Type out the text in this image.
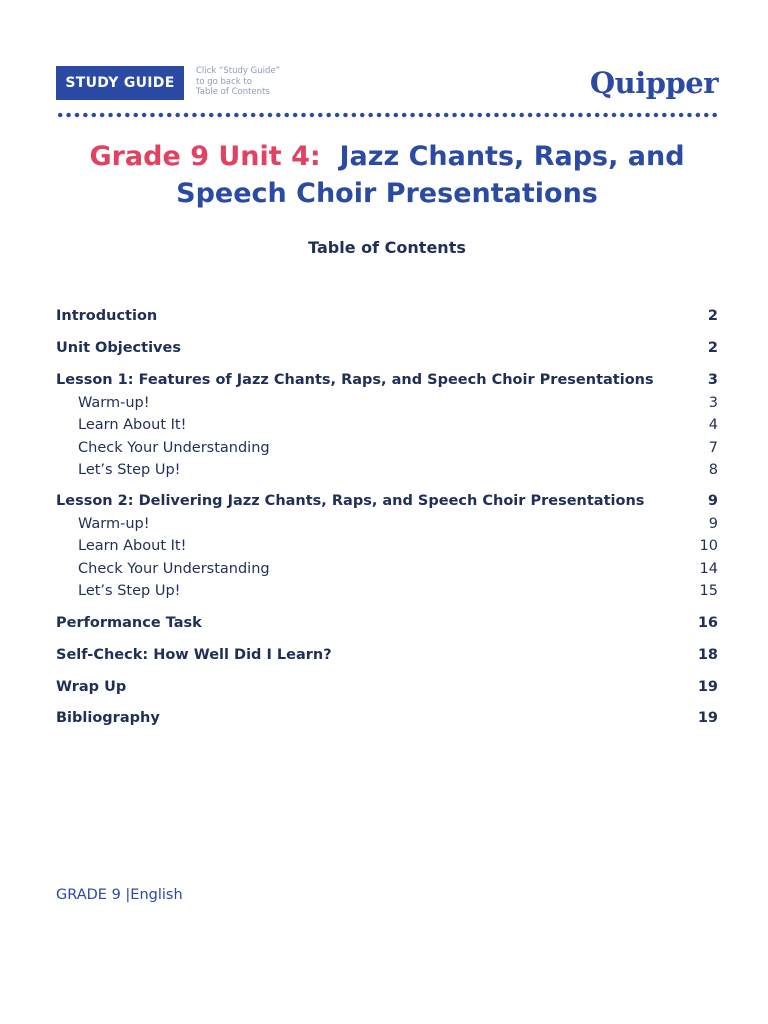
STUDY GUIDE
Click “Study Guide”
to go back to
Table of Contents	Quipper
Grade 9 Unit 4: Jazz Chants, Raps, and
Speech Choir Presentations
Table of Contents
Introduction	2
Unit Objectives	2
Lesson 1: Features of Jazz Chants, Raps, and Speech Choir Presentations	3
Warm-up!	3
Learn About It!	4
Check Your Understanding	7
Let’s Step Up!	8
Lesson 2: Delivering Jazz Chants, Raps, and Speech Choir Presentations	9
Warm-up!	9
Learn About It!	10
Check Your Understanding	14
Let’s Step Up!	15
Performance Task	16
Self-Check: How Well Did I Learn?	18
Wrap Up	19
Bibliography	19
GRADE 9 |English
